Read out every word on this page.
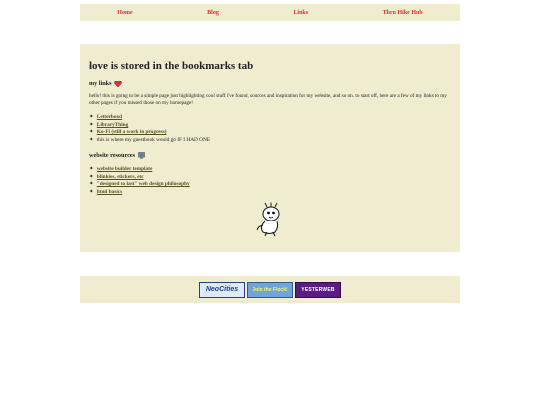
Home	Blog	Links	Thru Hike Hub
love is stored in the bookmarks tab
my links

hello! this is going to be a simple page just highlighting cool stuff i've found, sources and inspiration for my website, and so on. to start off, here are a few of my links to my other pages if you missed those on my homepage!

✦ Letterboxd
✦ LibraryThing
✦ Ko-Fi (still a work in progress)
✦ this is where my guestbook would go IF I HAD ONE
website resources
✦ website builder template
✦ blinkies, stickers, etc
✦ "designed to last" web design philosophy
✦ html basics
NeoCities	Join the Flock!	YESTERWEB
